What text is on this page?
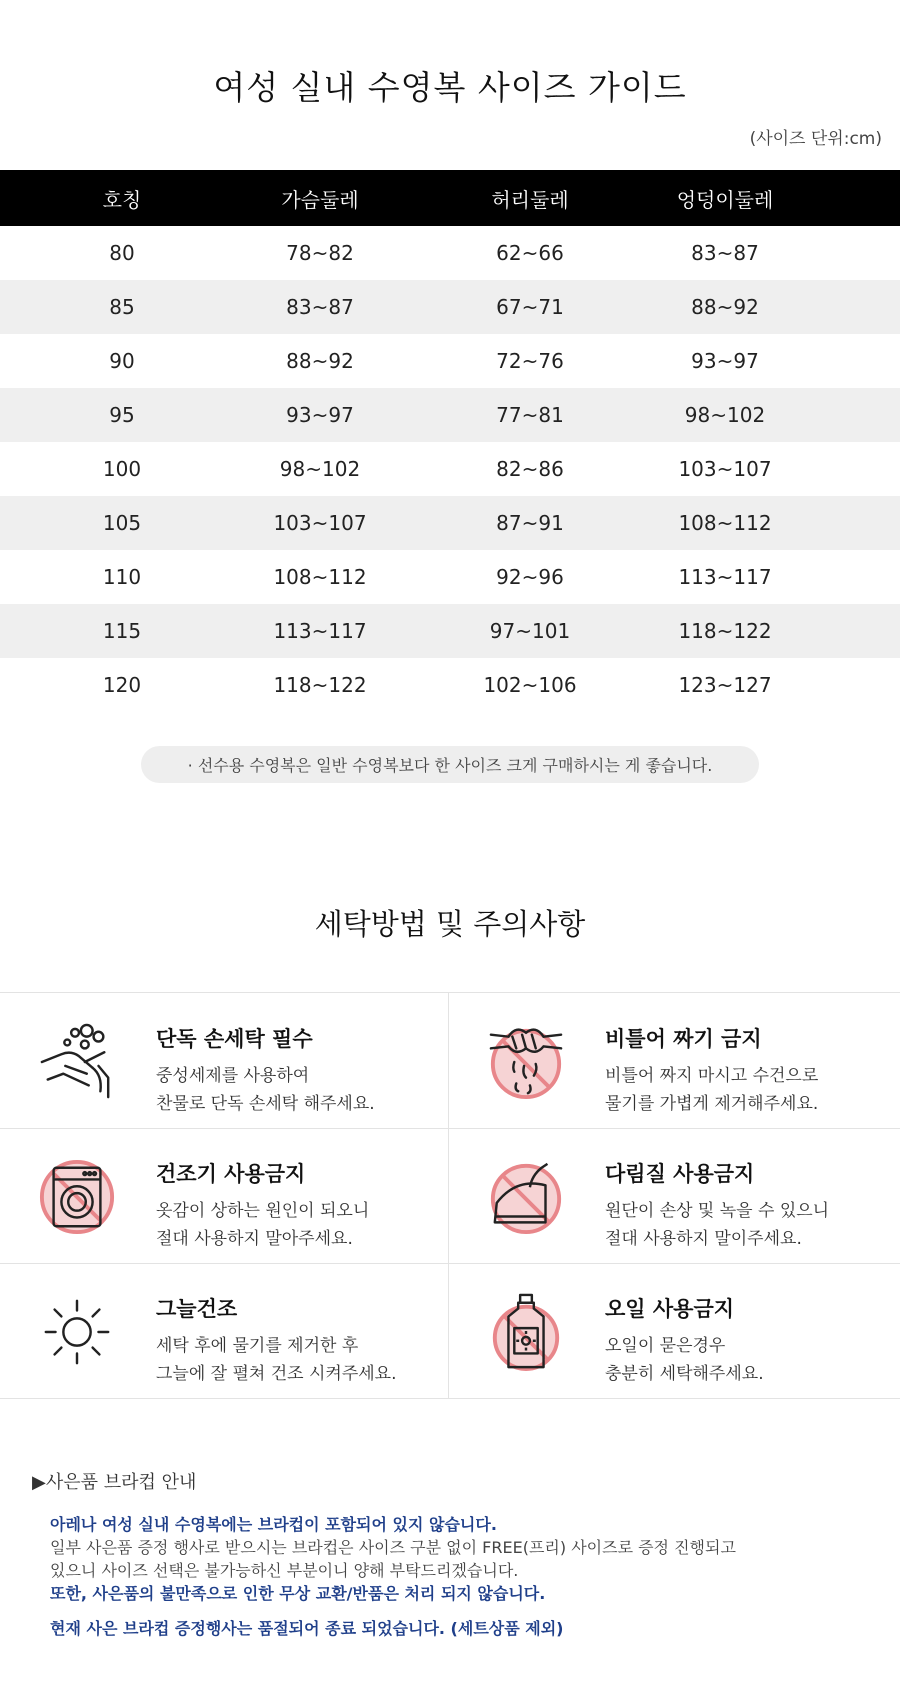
여성 실내 수영복 사이즈 가이드
(사이즈 단위:cm)
호칭	가슴둘레	허리둘레	엉덩이둘레
80	78~82	62~66	83~87
85	83~87	67~71	88~92
90	88~92	72~76	93~97
95	93~97	77~81	98~102
100	98~102	82~86	103~107
105	103~107	87~91	108~112
110	108~112	92~96	113~117
115	113~117	97~101	118~122
120	118~122	102~106	123~127
· 선수용 수영복은 일반 수영복보다 한 사이즈 크게 구매하시는 게 좋습니다.
세탁방법 및 주의사항
단독 손세탁 필수
중성세제를 사용하여
찬물로 단독 손세탁 해주세요.
비틀어 짜기 금지
비틀어 짜지 마시고 수건으로
물기를 가볍게 제거해주세요.
건조기 사용금지
옷감이 상하는 원인이 되오니
절대 사용하지 말아주세요.
다림질 사용금지
원단이 손상 및 녹을 수 있으니
절대 사용하지 말이주세요.
그늘건조
세탁 후에 물기를 제거한 후
그늘에 잘 펼쳐 건조 시켜주세요.
오일 사용금지
오일이 묻은경우
충분히 세탁해주세요.
▶사은품 브라컵 안내
아레나 여성 실내 수영복에는 브라컵이 포함되어 있지 않습니다.
일부 사은품 증정 행사로 받으시는 브라컵은 사이즈 구분 없이 FREE(프리) 사이즈로 증정 진행되고
있으니 사이즈 선택은 불가능하신 부분이니 양해 부탁드리겠습니다.
또한, 사은품의 불만족으로 인한 무상 교환/반품은 처리 되지 않습니다.
현재 사은 브라컵 증정행사는 품절되어 종료 되었습니다. (세트상품 제외)
